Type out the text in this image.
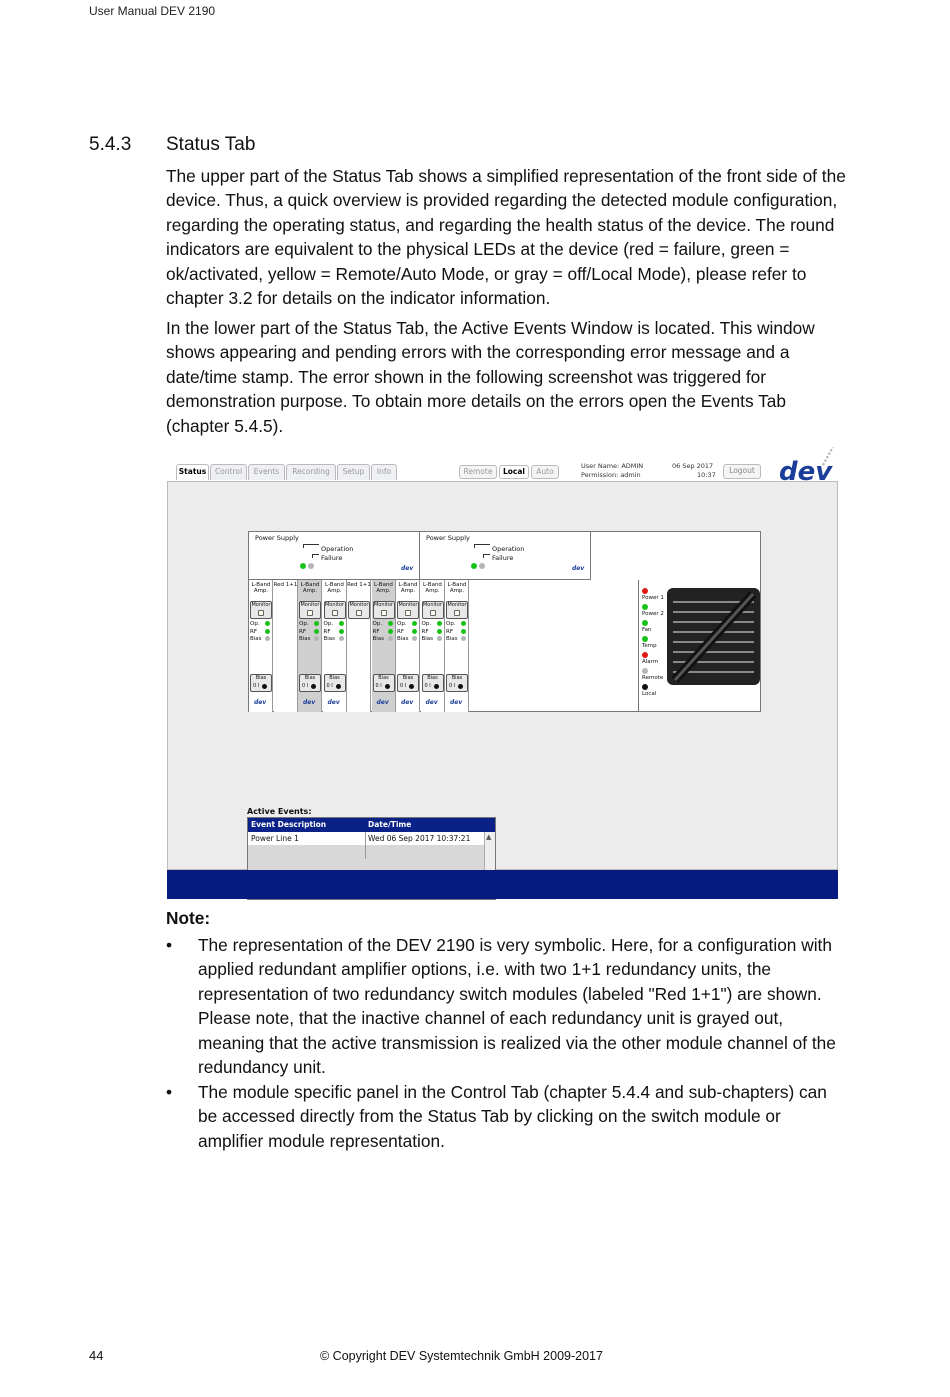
User Manual DEV 2190
5.4.3 Status Tab
The upper part of the Status Tab shows a simplified representation of the front side of the device. Thus, a quick overview is provided regarding the detected module configuration, regarding the operating status, and regarding the health status of the device. The round indicators are equivalent to the physical LEDs at the device (red = failure, green = ok/activated, yellow = Remote/Auto Mode, or gray = off/Local Mode), please refer to chapter 3.2 for details on the indicator information.
In the lower part of the Status Tab, the Active Events Window is located. This window shows appearing and pending errors with the corresponding error message and a date/time stamp. The error shown in the following screenshot was triggered for demonstration purpose. To obtain more details on the errors open the Events Tab (chapter 5.4.5).
Status	Control	Events	Recording	Setup	Info	Remote	Local	Auto
User Name: ADMIN
Permission: admin
06 Sep 2017
10:37	Logout dev
Power Supply
Operation
Failure
dev
Power Supply
Operation
Failure
dev
L-Band Amp.
Monitor
Op.
RF
Bias
Bias
0 I
dev
Red 1+1 L-Band Amp.
Monitor
Op.
RF
Bias
Bias
0 I
dev
L-Band Amp.
Monitor
Op.
RF
Bias
Bias
0 I
dev
Red 1+1
Monitor
L-Band Amp.
Monitor
Op.
RF
Bias
Bias
0 I
dev
L-Band Amp.
Monitor
Op.
RF
Bias
Bias
0 I
dev
L-Band Amp.
Monitor
Op.
RF
Bias
Bias
0 I
dev
L-Band Amp.
Monitor
Op.
RF
Bias
Bias
0 I
dev
Power 1
Power 2
Fan
Temp
Alarm
Remote
Local
Active Events:
Event Description	Date/Time
Power Line 1	Wed 06 Sep 2017 10:37:21 ▲
Note:
• The representation of the DEV 2190 is very symbolic. Here, for a configuration with applied redundant amplifier options, i.e. with two 1+1 redundancy units, the representation of two redundancy switch modules (labeled "Red 1+1") are shown. Please note, that the inactive channel of each redundancy unit is grayed out, meaning that the active transmission is realized via the other module channel of the redundancy unit.
• The module specific panel in the Control Tab (chapter 5.4.4 and sub-chapters) can be accessed directly from the Status Tab by clicking on the switch module or amplifier module representation.
44	© Copyright DEV Systemtechnik GmbH 2009-2017
